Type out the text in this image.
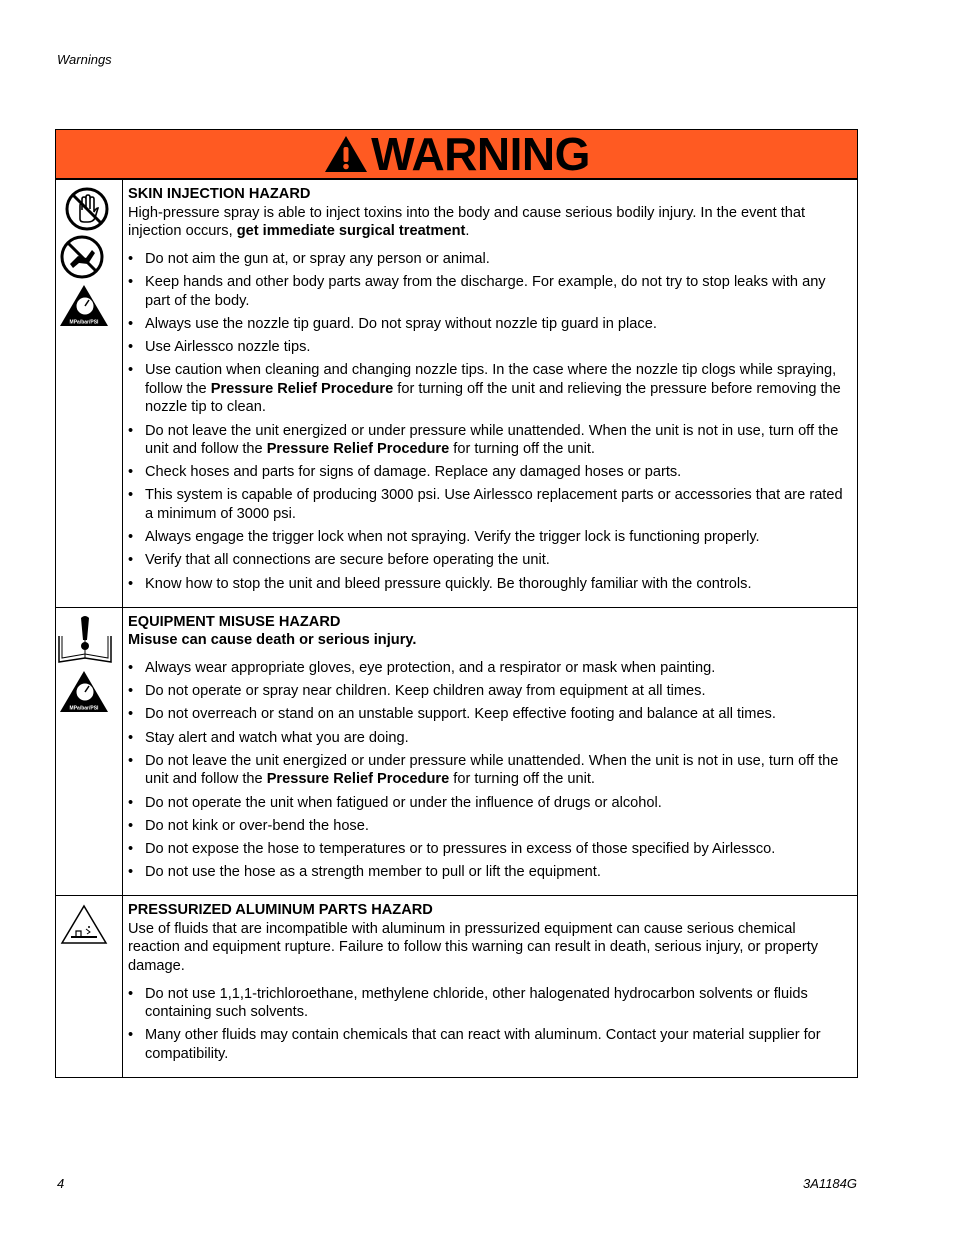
Warnings
WARNING
MPa/bar/PSI
SKIN INJECTION HAZARD

High-pressure spray is able to inject toxins into the body and cause serious bodily injury. In the event that injection occurs, get immediate surgical treatment.

• Do not aim the gun at, or spray any person or animal.
• Keep hands and other body parts away from the discharge. For example, do not try to stop leaks with any part of the body.
• Always use the nozzle tip guard. Do not spray without nozzle tip guard in place.
• Use Airlessco nozzle tips.
• Use caution when cleaning and changing nozzle tips. In the case where the nozzle tip clogs while spraying, follow the Pressure Relief Procedure for turning off the unit and relieving the pressure before removing the nozzle tip to clean.
• Do not leave the unit energized or under pressure while unattended. When the unit is not in use, turn off the unit and follow the Pressure Relief Procedure for turning off the unit.
• Check hoses and parts for signs of damage. Replace any damaged hoses or parts.
• This system is capable of producing 3000 psi. Use Airlessco replacement parts or accessories that are rated a minimum of 3000 psi.
• Always engage the trigger lock when not spraying. Verify the trigger lock is functioning properly.
• Verify that all connections are secure before operating the unit.
• Know how to stop the unit and bleed pressure quickly. Be thoroughly familiar with the controls.
MPa/bar/PSI
EQUIPMENT MISUSE HAZARD

Misuse can cause death or serious injury.

• Always wear appropriate gloves, eye protection, and a respirator or mask when painting.
• Do not operate or spray near children. Keep children away from equipment at all times.
• Do not overreach or stand on an unstable support. Keep effective footing and balance at all times.
• Stay alert and watch what you are doing.
• Do not leave the unit energized or under pressure while unattended. When the unit is not in use, turn off the unit and follow the Pressure Relief Procedure for turning off the unit.
• Do not operate the unit when fatigued or under the influence of drugs or alcohol.
• Do not kink or over-bend the hose.
• Do not expose the hose to temperatures or to pressures in excess of those specified by Airlessco.
• Do not use the hose as a strength member to pull or lift the equipment.
PRESSURIZED ALUMINUM PARTS HAZARD

Use of fluids that are incompatible with aluminum in pressurized equipment can cause serious chemical reaction and equipment rupture. Failure to follow this warning can result in death, serious injury, or property damage.

• Do not use 1,1,1-trichloroethane, methylene chloride, other halogenated hydrocarbon solvents or fluids containing such solvents.
• Many other fluids may contain chemicals that can react with aluminum. Contact your material supplier for compatibility.
4	3A1184G
